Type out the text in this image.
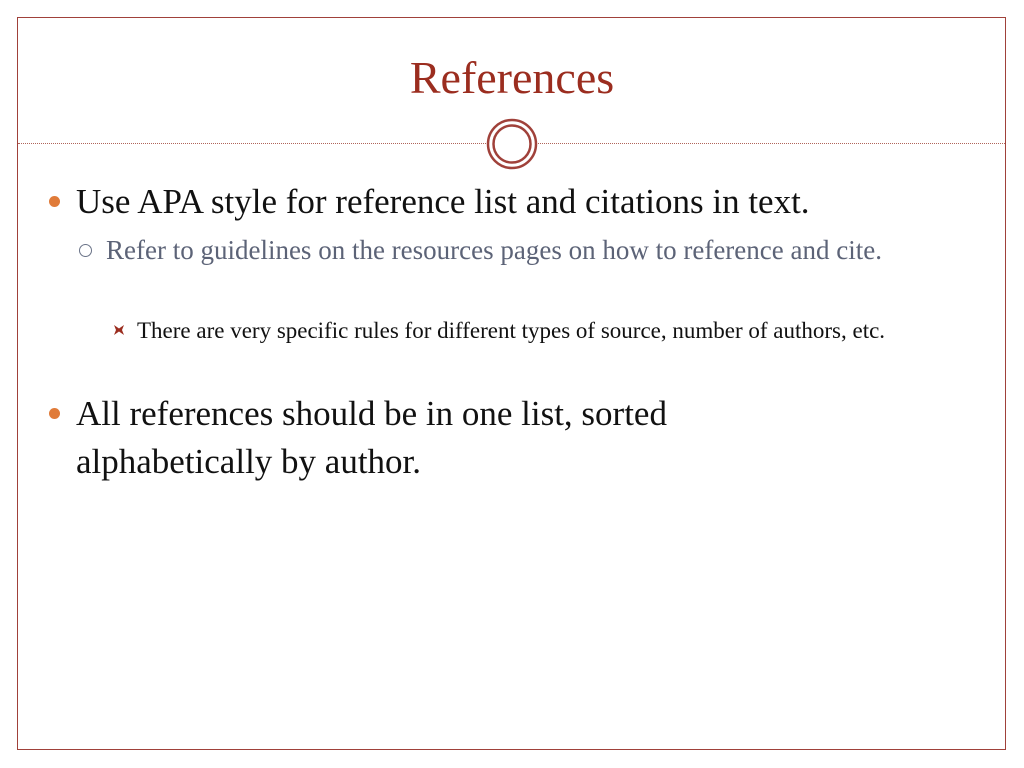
References
Use APA style for reference list and citations in text.
Refer to guidelines on the resources pages on how to reference and cite.
There are very specific rules for different types of source, number of authors, etc.
All references should be in one list, sorted alphabetically by author.
